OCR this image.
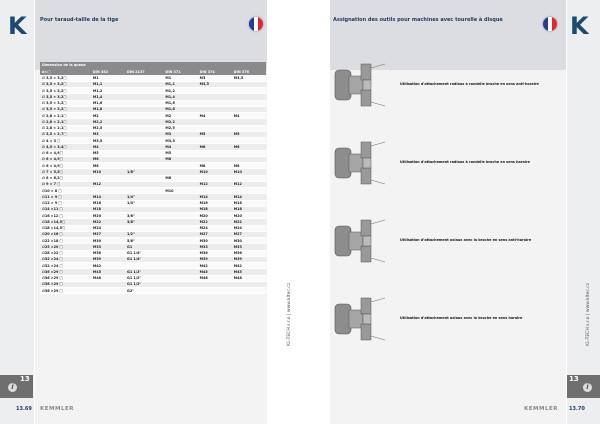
K	Pour taraud-taille de la tige
Dimension de la queue					
d×□	DIN 352	DIN 2137	DIN 371	DIN 374	DIN 376
∅ 3,5 × 3,2□	M1		M1	M3	M3,5
∅ 3,5 × 3,2□	M1,1		M1,1	M3,5	
∅ 3,5 × 3,2□	M1,2		M1,2		
∅ 3,5 × 3,2□	M1,4		M1,4		
∅ 3,5 × 3,2□	M1,6		M1,6		
∅ 3,5 × 3,2□	M1,8		M1,8		
∅ 2,8 × 2,1□	M2		M2	M4	M4
∅ 2,8 × 2,1□	M2,2		M2,2		
∅ 2,8 × 2,1□	M2,5		M2,5		
∅ 3,5 × 2,7□	M3		M3	M5	M5
∅ 4 × 3 □	M3,5		M3,5		
∅ 4,5 × 3,4□	M4		M4	M6	M6
∅ 6 × 4,9□	M5		M5		
∅ 6 × 4,9□	M6		M6		
∅ 6 × 4,9□	M8			M8	M8
∅ 7 × 5,5□	M10	1/8"		M10	M10
∅ 8 × 6,2□			M8		
∅ 9 × 7 □	M12			M12	M12
∅10 × 8 □			M10		
∅11 × 9 □	M14	1/4"		M14	M14
∅12 × 9 □	M16	1/4"		M16	M16
∅14 ×11 □	M18			M18	M18
∅16 ×12 □	M20	3/8"		M20	M20
∅18 ×14,5□	M22	3/8"		M22	M22
∅18 ×14,5□	M24			M24	M24
∅20 ×16 □	M27	1/2"		M27	M27
∅22 ×18 □	M30	5/8"		M30	M30
∅25 ×20 □	M33	G1		M33	M33
∅28 ×22 □	M36	G1 1/4"		M36	M36
∅32 ×24 □	M39	G1 1/4"		M39	M39
∅32 ×24 □	M42			M42	M42
∅36 ×29 □	M45	G1 1/2"		M45	M45
∅36 ×29 □	M48	G1 1/2"		M48	M48
∅36 ×29 □		G1 1/2"			
∅36 ×29 □		G2"				KL-TECH s.r.o | www.kltec.cz
Assignation des outils pour machines avec tourelle à disque
Utilisation d'attachement radiaux à rondelle broche en sens anti-horaire
Utilisation d'attachement radiaux à rondelle broche en sens horaire
Utilisation d'attachement axiaux avec la broche en sens anti-horaire
Utilisation d'attachement axiaux avec la broche en sens horaire
K
KL-TECH s.r.o | www.kltec.cz
13
i
13
i
13.69 KEMMLER	KEMMLER 13.70
